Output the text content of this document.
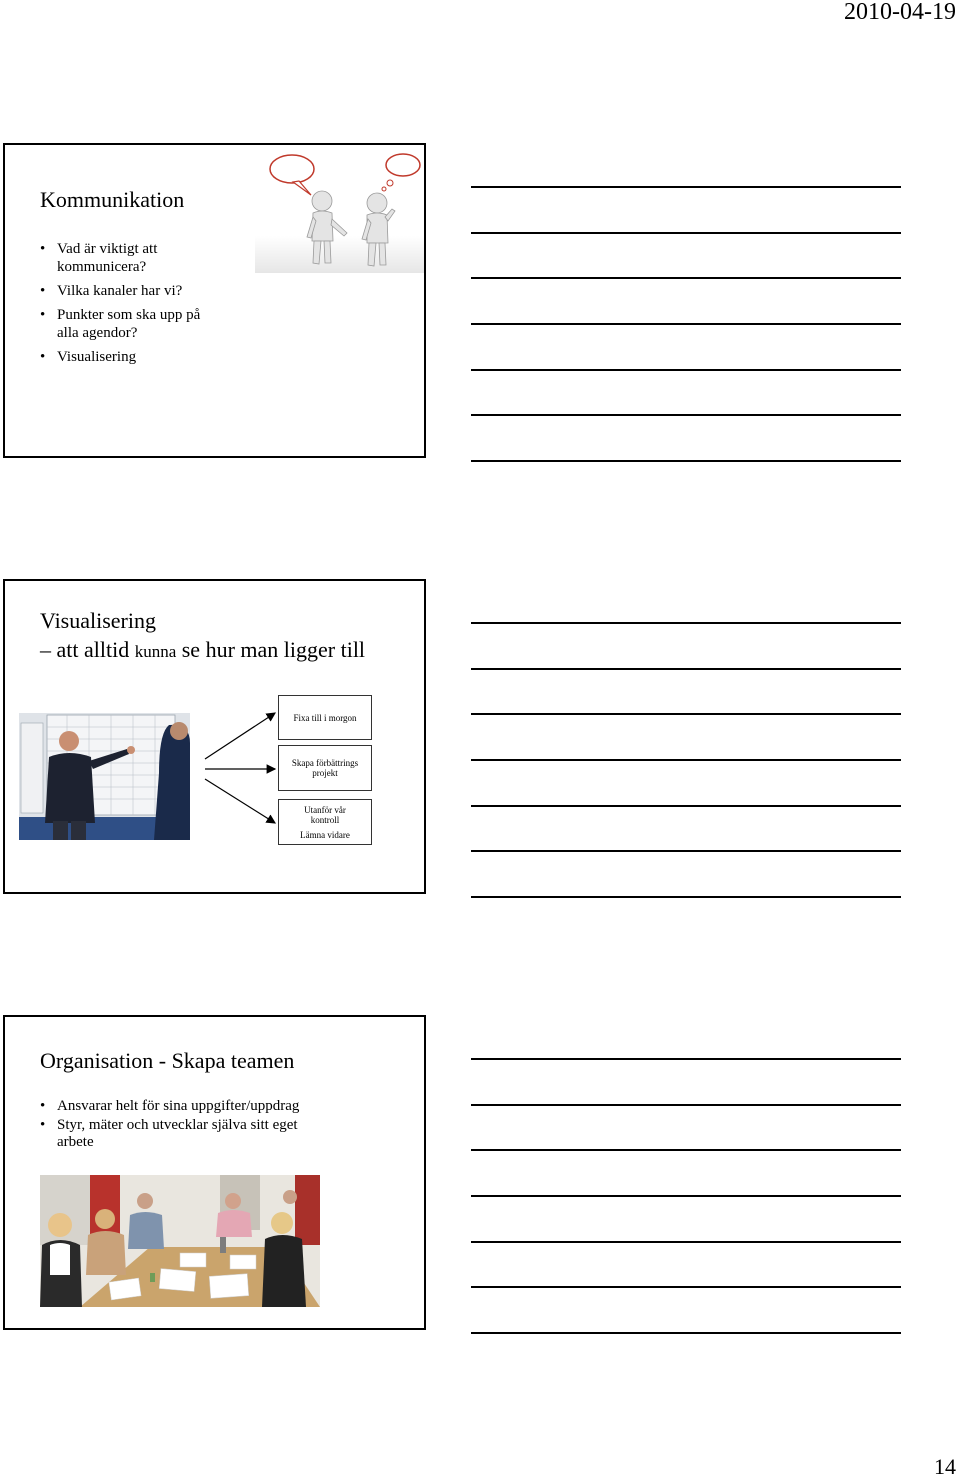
2010-04-19
Kommunikation
• Vad är viktigt att
kommunicera?
• Vilka kanaler har vi?
• Punkter som ska upp på
alla agendor?
• Visualisering
Visualisering
– att alltid kunna se hur man ligger till
Fixa till i morgon
Skapa förbättrings
projekt
Utanför vår
kontroll
Lämna vidare
Organisation - Skapa teamen
• Ansvarar helt för sina uppgifter/uppdrag
• Styr, mäter och utvecklar själva sitt eget
arbete
14
